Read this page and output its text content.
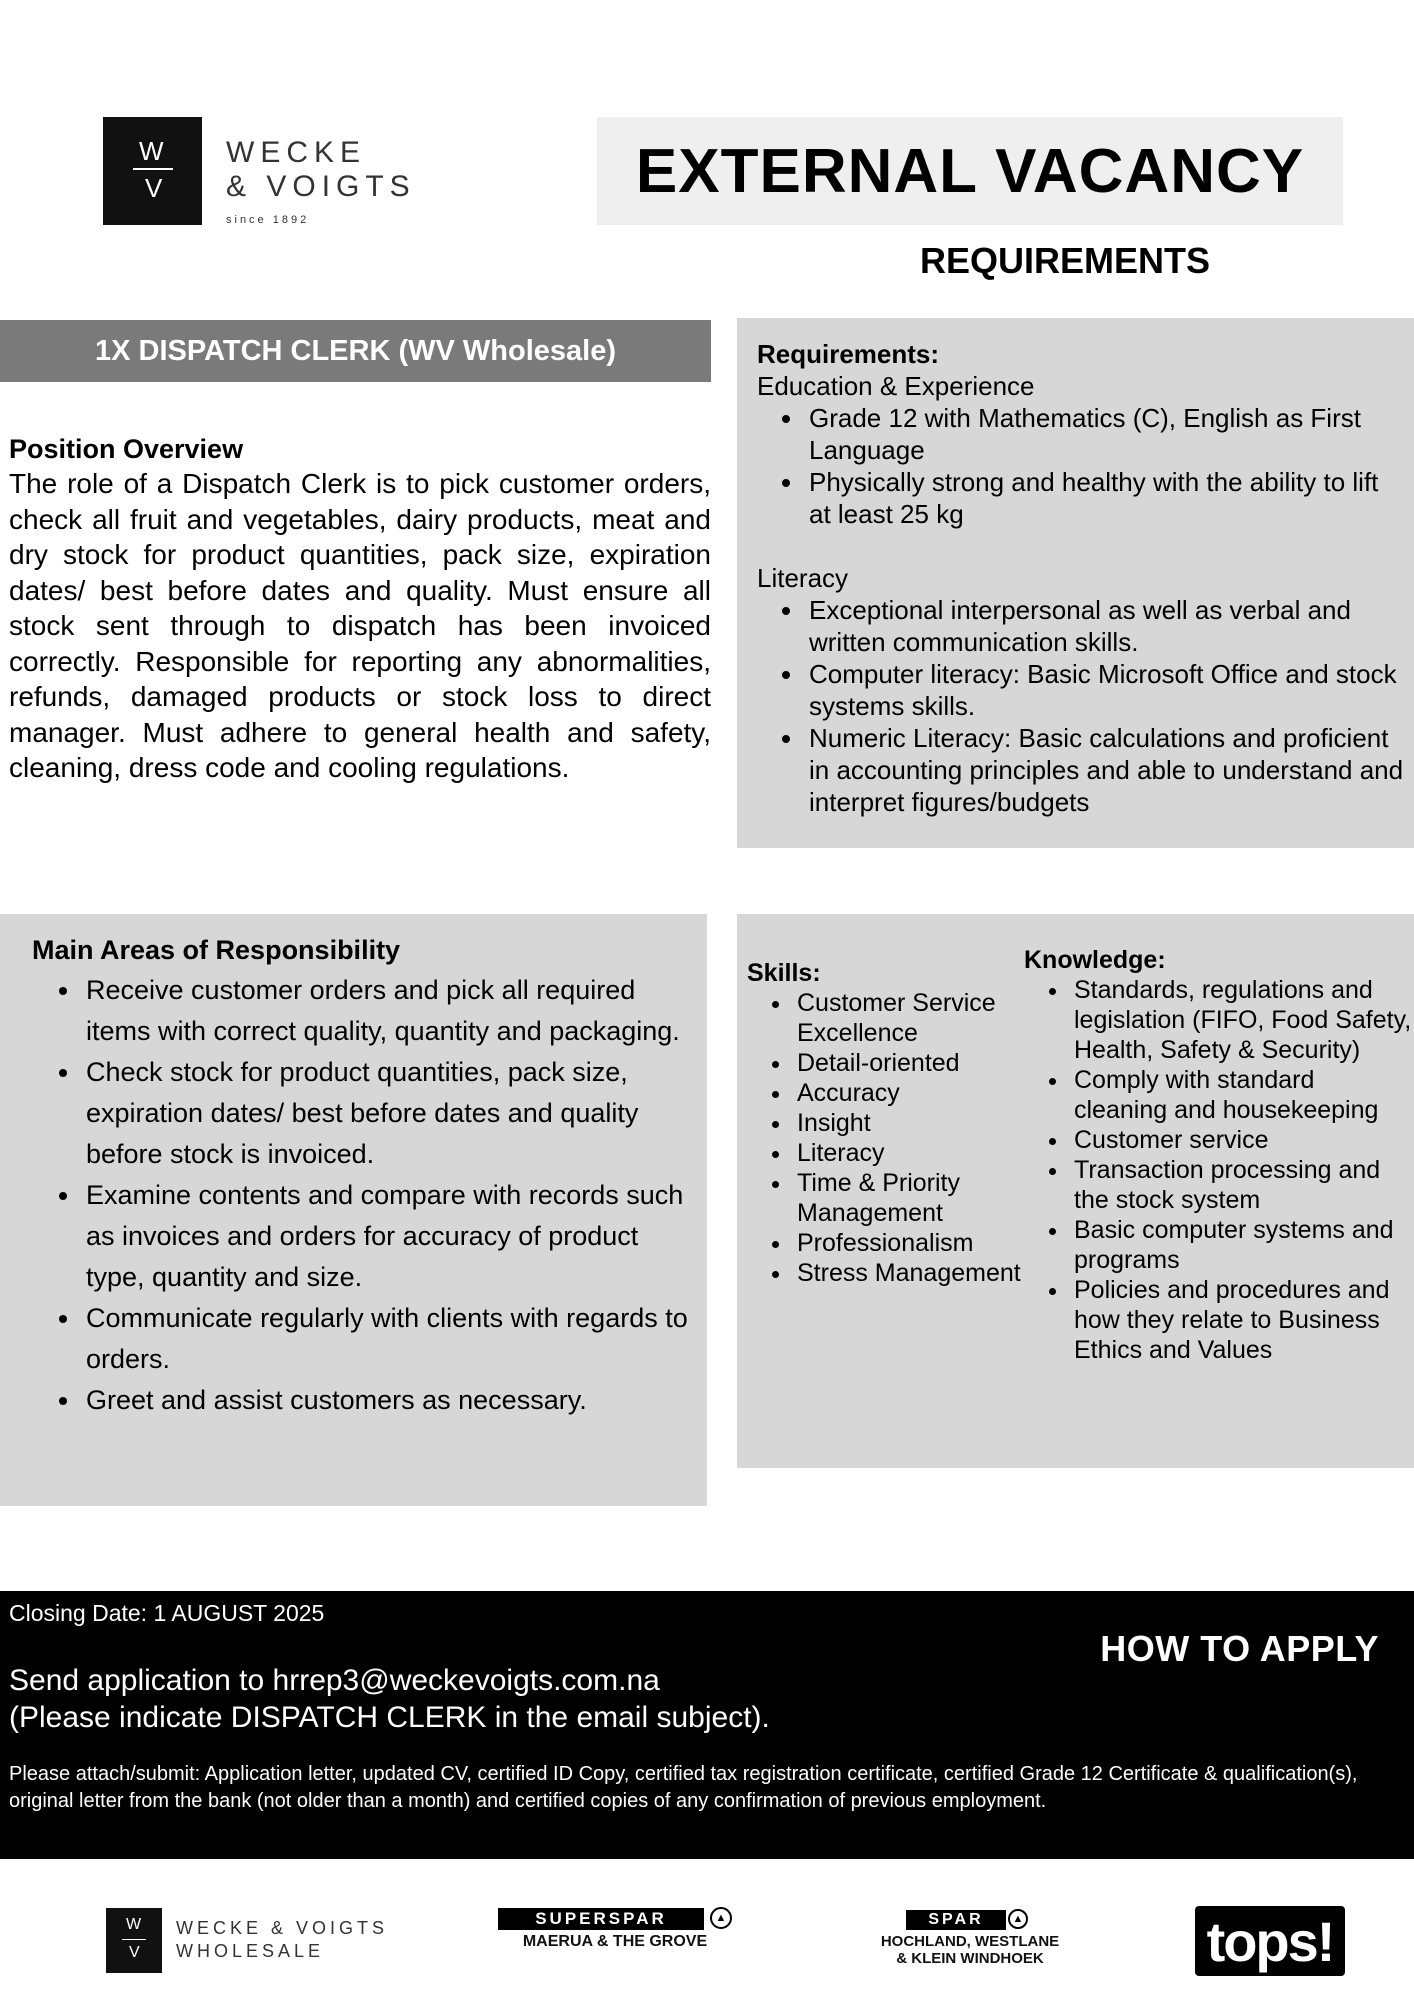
W
V
WECKE
& VOIGTS
since 1892
EXTERNAL VACANCY
REQUIREMENTS
1X DISPATCH CLERK (WV Wholesale)
Position Overview

The role of a Dispatch Clerk is to pick customer orders, check all fruit and vegetables, dairy products, meat and dry stock for product quantities, pack size, expiration dates/ best before dates and quality. Must ensure all stock sent through to dispatch has been invoiced correctly. Responsible for reporting any abnormalities, refunds, damaged products or stock loss to direct manager. Must adhere to general health and safety, cleaning, dress code and cooling regulations.

Requirements:
Education & Experience
• Grade 12 with Mathematics (C), English as First Language
• Physically strong and healthy with the ability to lift at least 25 kg
Literacy
• Exceptional interpersonal as well as verbal and written communication skills.
• Computer literacy: Basic Microsoft Office and stock systems skills.
• Numeric Literacy: Basic calculations and proficient in accounting principles and able to understand and interpret figures/budgets
Main Areas of Responsibility
• Receive customer orders and pick all required items with correct quality, quantity and packaging.
• Check stock for product quantities, pack size, expiration dates/ best before dates and quality before stock is invoiced.
• Examine contents and compare with records such as invoices and orders for accuracy of product type, quantity and size.
• Communicate regularly with clients with regards to orders.
• Greet and assist customers as necessary.
Skills:
• Customer Service Excellence
• Detail-oriented
• Accuracy
• Insight
• Literacy
• Time & Priority Management
• Professionalism
• Stress Management
Knowledge:
• Standards, regulations and legislation (FIFO, Food Safety, Health, Safety & Security)
• Comply with standard cleaning and housekeeping
• Customer service
• Transaction processing and the stock system
• Basic computer systems and programs
• Policies and procedures and how they relate to Business Ethics and Values
Closing Date: 1 AUGUST 2025
HOW TO APPLY
Send application to hrrep3@weckevoigts.com.na
(Please indicate DISPATCH CLERK in the email subject).
Please attach/submit: Application letter, updated CV, certified ID Copy, certified tax registration certificate, certified Grade 12 Certificate & qualification(s), original letter from the bank (not older than a month) and certified copies of any confirmation of previous employment.
W
V
WECKE & VOIGTS
WHOLESALE
SUPERSPAR	▲
MAERUA & THE GROVE
SPAR	▲
HOCHLAND, WESTLANE
& KLEIN WINDHOEK	tops!
